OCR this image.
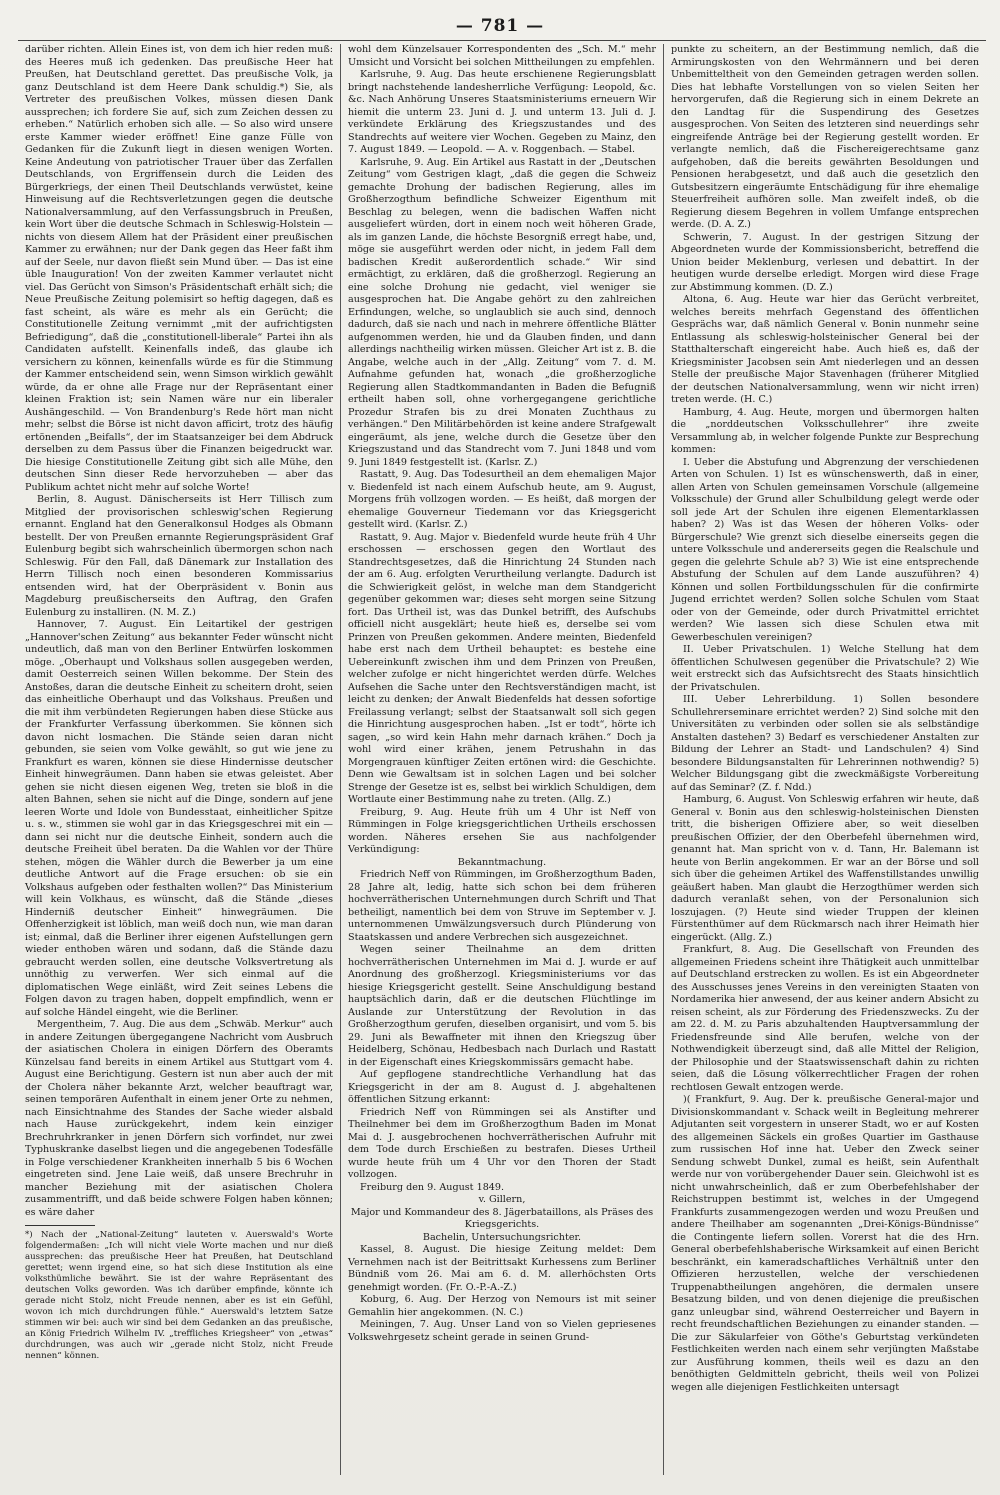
— 781 —

darüber richten. Allein Eines ist, von dem ich hier reden muß: des Heeres muß ich gedenken. Das preußische Heer hat Preußen, hat Deutschland gerettet. Das preußische Volk, ja ganz Deutschland ist dem Heere Dank schuldig.*) Sie, als Vertreter des preußischen Volkes, müssen diesen Dank aussprechen; ich fordere Sie auf, sich zum Zeichen dessen zu erheben.“ Natürlich erhoben sich alle. — So also wird unsere erste Kammer wieder eröffnet! Eine ganze Fülle von Gedanken für die Zukunft liegt in diesen wenigen Worten. Keine Andeutung von patriotischer Trauer über das Zerfallen Deutschlands, von Ergriffensein durch die Leiden des Bürgerkriegs, der einen Theil Deutschlands verwüstet, keine Hinweisung auf die Rechtsverletzungen gegen die deutsche Nationalversammlung, auf den Verfassungsbruch in Preußen, kein Wort über die deutsche Schmach in Schleswig-Holstein — nichts von diesem Allem hat der Präsident einer preußischen Kammer zu erwähnen; nur der Dank gegen das Heer faßt ihm auf der Seele, nur davon fließt sein Mund über. — Das ist eine üble Inauguration! Von der zweiten Kammer verlautet nicht viel. Das Gerücht von Simson's Präsidentschaft erhält sich; die Neue Preußische Zeitung polemisirt so heftig dagegen, daß es fast scheint, als wäre es mehr als ein Gerücht; die Constitutionelle Zeitung vernimmt „mit der aufrichtigsten Befriedigung“, daß die „constitutionell-liberale“ Partei ihn als Candidaten aufstellt. Keinenfalls indeß, das glaube ich versichern zu können, keinenfalls würde es für die Stimmung der Kammer entscheidend sein, wenn Simson wirklich gewählt würde, da er ohne alle Frage nur der Repräsentant einer kleinen Fraktion ist; sein Namen wäre nur ein liberaler Aushängeschild. — Von Brandenburg's Rede hört man nicht mehr; selbst die Börse ist nicht davon afficirt, trotz des häufig ertönenden „Beifalls“, der im Staatsanzeiger bei dem Abdruck derselben zu dem Passus über die Finanzen beigedruckt war. Die hiesige Constitutionelle Zeitung gibt sich alle Mühe, den deutschen Sinn dieser Rede hervorzuheben — aber das Publikum achtet nicht mehr auf solche Worte!

Berlin, 8. August. Dänischerseits ist Herr Tillisch zum Mitglied der provisorischen schleswig'schen Regierung ernannt. England hat den Generalkonsul Hodges als Obmann bestellt. Der von Preußen ernannte Regierungspräsident Graf Eulenburg begibt sich wahrscheinlich übermorgen schon nach Schleswig. Für den Fall, daß Dänemark zur Installation des Herrn Tillisch noch einen besonderen Kommissarius entsenden wird, hat der Oberpräsident v. Bonin aus Magdeburg preußischerseits den Auftrag, den Grafen Eulenburg zu installiren. (N. M. Z.)

Hannover, 7. August. Ein Leitartikel der gestrigen „Hannover'schen Zeitung“ aus bekannter Feder wünscht nicht undeutlich, daß man von den Berliner Entwürfen loskommen möge. „Oberhaupt und Volkshaus sollen ausgegeben werden, damit Oesterreich seinen Willen bekomme. Der Stein des Anstoßes, daran die deutsche Einheit zu scheitern droht, seien das einheitliche Oberhaupt und das Volkshaus. Preußen und die mit ihm verbündeten Regierungen haben diese Stücke aus der Frankfurter Verfassung überkommen. Sie können sich davon nicht losmachen. Die Stände seien daran nicht gebunden, sie seien vom Volke gewählt, so gut wie jene zu Frankfurt es waren, können sie diese Hindernisse deutscher Einheit hinwegräumen. Dann haben sie etwas geleistet. Aber gehen sie nicht diesen eigenen Weg, treten sie bloß in die alten Bahnen, sehen sie nicht auf die Dinge, sondern auf jene leeren Worte und Idole von Bundesstaat, einheitlicher Spitze u. s. w., stimmen sie wohl gar in das Kriegsgeschrei mit ein — dann sei nicht nur die deutsche Einheit, sondern auch die deutsche Freiheit übel beraten. Da die Wahlen vor der Thüre stehen, mögen die Wähler durch die Bewerber ja um eine deutliche Antwort auf die Frage ersuchen: ob sie ein Volkshaus aufgeben oder festhalten wollen?“ Das Ministerium will kein Volkhaus, es wünscht, daß die Stände „dieses Hinderniß deutscher Einheit“ hinwegräumen. Die Offenherzigkeit ist löblich, man weiß doch nun, wie man daran ist; einmal, daß die Berliner ihrer eigenen Aufstellungen gern wieder enthoben wären und sodann, daß die Stände dazu gebraucht werden sollen, eine deutsche Volksvertretung als unnöthig zu verwerfen. Wer sich einmal auf die diplomatischen Wege einläßt, wird Zeit seines Lebens die Folgen davon zu tragen haben, doppelt empfindlich, wenn er auf solche Händel eingeht, wie die Berliner.

Mergentheim, 7. Aug. Die aus dem „Schwäb. Merkur“ auch in andere Zeitungen übergegangene Nachricht vom Ausbruch der asiatischen Cholera in einigen Dörfern des Oberamts Künzelsau fand bereits in einem Artikel aus Stuttgart vom 4. August eine Berichtigung. Gestern ist nun aber auch der mit der Cholera näher bekannte Arzt, welcher beauftragt war, seinen temporären Aufenthalt in einem jener Orte zu nehmen, nach Einsichtnahme des Standes der Sache wieder alsbald nach Hause zurückgekehrt, indem kein einziger Brechruhrkranker in jenen Dörfern sich vorfindet, nur zwei Typhuskranke daselbst liegen und die angegebenen Todesfälle in Folge verschiedener Krankheiten innerhalb 5 bis 6 Wochen eingetreten sind. Jene Laie weiß, daß unsere Brechruhr in mancher Beziehung mit der asiatischen Cholera zusammentrifft, und daß beide schwere Folgen haben können; es wäre daher

*) Nach der „National-Zeitung“ lauteten v. Auerswald's Worte folgendermaßen: „Ich will nicht viele Worte machen und nur dieß aussprechen: das preußische Heer hat Preußen, hat Deutschland gerettet; wenn irgend eine, so hat sich diese Institution als eine volksthümliche bewährt. Sie ist der wahre Repräsentant des deutschen Volks geworden. Was ich darüber empfinde, könnte ich gerade nicht Stolz, nicht Freude nennen, aber es ist ein Gefühl, wovon ich mich durchdrungen fühle.“ Auerswald's letztem Satze stimmen wir bei: auch wir sind bei dem Gedanken an das preußische, an König Friedrich Wilhelm IV. „treffliches Kriegsheer“ von „etwas“ durchdrungen, was auch wir „gerade nicht Stolz, nicht Freude nennen“ können.

wohl dem Künzelsauer Korrespondenten des „Sch. M.“ mehr Umsicht und Vorsicht bei solchen Mittheilungen zu empfehlen.

Karlsruhe, 9. Aug. Das heute erschienene Regierungsblatt bringt nachstehende landesherrliche Verfügung: Leopold, &c. &c. Nach Anhörung Unseres Staatsministeriums erneuern Wir hiemit die unterm 23. Juni d. J. und unterm 13. Juli d. J. verkündete Erklärung des Kriegszustandes und des Standrechts auf weitere vier Wochen. Gegeben zu Mainz, den 7. August 1849. — Leopold. — A. v. Roggenbach. — Stabel.

Karlsruhe, 9. Aug. Ein Artikel aus Rastatt in der „Deutschen Zeitung“ vom Gestrigen klagt, „daß die gegen die Schweiz gemachte Drohung der badischen Regierung, alles im Großherzogthum befindliche Schweizer Eigenthum mit Beschlag zu belegen, wenn die badischen Waffen nicht ausgeliefert würden, dort in einem noch weit höheren Grade, als im ganzen Lande, die höchste Besorgniß erregt habe, und, möge sie ausgeführt werden oder nicht, in jedem Fall dem badischen Kredit außerordentlich schade.“ Wir sind ermächtigt, zu erklären, daß die großherzogl. Regierung an eine solche Drohung nie gedacht, viel weniger sie ausgesprochen hat. Die Angabe gehört zu den zahlreichen Erfindungen, welche, so unglaublich sie auch sind, dennoch dadurch, daß sie nach und nach in mehrere öffentliche Blätter aufgenommen werden, hie und da Glauben finden, und dann allerdings nachtheilig wirken müssen. Gleicher Art ist z. B. die Angabe, welche auch in der „Allg. Zeitung“ vom 7. d. M. Aufnahme gefunden hat, wonach „die großherzogliche Regierung allen Stadtkommandanten in Baden die Befugniß ertheilt haben soll, ohne vorhergegangene gerichtliche Prozedur Strafen bis zu drei Monaten Zuchthaus zu verhängen.“ Den Militärbehörden ist keine andere Strafgewalt eingeräumt, als jene, welche durch die Gesetze über den Kriegszustand und das Standrecht vom 7. Juni 1848 und vom 9. Juni 1849 festgestellt ist. (Karlsr. Z.)

Rastatt, 9. Aug. Das Todesurtheil an dem ehemaligen Major v. Biedenfeld ist nach einem Aufschub heute, am 9. August, Morgens früh vollzogen worden. — Es heißt, daß morgen der ehemalige Gouverneur Tiedemann vor das Kriegsgericht gestellt wird. (Karlsr. Z.)

Rastatt, 9. Aug. Major v. Biedenfeld wurde heute früh 4 Uhr erschossen — erschossen gegen den Wortlaut des Standrechtsgesetzes, daß die Hinrichtung 24 Stunden nach der am 6. Aug. erfolgten Verurtheilung verlangte. Dadurch ist die Schwierigkeit gelöst, in welche man dem Standgericht gegenüber gekommen war; dieses seht morgen seine Sitzung fort. Das Urtheil ist, was das Dunkel betrifft, des Aufschubs officiell nicht ausgeklärt; heute hieß es, derselbe sei vom Prinzen von Preußen gekommen. Andere meinten, Biedenfeld habe erst nach dem Urtheil behauptet: es bestehe eine Uebereinkunft zwischen ihm und dem Prinzen von Preußen, welcher zufolge er nicht hingerichtet werden dürfe. Welches Aufsehen die Sache unter den Rechtsverständigen macht, ist leicht zu denken; der Anwalt Biedenfelds hat dessen sofortige Freilassung verlangt; selbst der Staatsanwalt soll sich gegen die Hinrichtung ausgesprochen haben. „Ist er todt“, hörte ich sagen, „so wird kein Hahn mehr darnach krähen.“ Doch ja wohl wird einer krähen, jenem Petrushahn in das Morgengrauen künftiger Zeiten ertönen wird: die Geschichte. Denn wie Gewaltsam ist in solchen Lagen und bei solcher Strenge der Gesetze ist es, selbst bei wirklich Schuldigen, dem Wortlaute einer Bestimmung nahe zu treten. (Allg. Z.)

Freiburg, 9. Aug. Heute früh um 4 Uhr ist Neff von Rümmingen in Folge kriegsgerichtlichen Urtheils erschossen worden. Näheres ersehen Sie aus nachfolgender Verkündigung:

Bekanntmachung.

Friedrich Neff von Rümmingen, im Großherzogthum Baden, 28 Jahre alt, ledig, hatte sich schon bei dem früheren hochverrätherischen Unternehmungen durch Schrift und That betheiligt, namentlich bei dem von Struve im September v. J. unternommenen Umwälzungsversuch durch Plünderung von Staatskassen und andere Verbrechen sich ausgezeichnet.

Wegen seiner Theilnahme an dem dritten hochverrätherischen Unternehmen im Mai d. J. wurde er auf Anordnung des großherzogl. Kriegsministeriums vor das hiesige Kriegsgericht gestellt. Seine Anschuldigung bestand hauptsächlich darin, daß er die deutschen Flüchtlinge im Auslande zur Unterstützung der Revolution in das Großherzogthum gerufen, dieselben organisirt, und vom 5. bis 29. Juni als Bewaffneter mit ihnen den Kriegszug über Heidelberg, Schönau, Hedbesbach nach Durlach und Rastatt in der Eigenschaft eines Kriegskommissärs gemacht habe.

Auf gepflogene standrechtliche Verhandlung hat das Kriegsgericht in der am 8. August d. J. abgehaltenen öffentlichen Sitzung erkannt:

Friedrich Neff von Rümmingen sei als Anstifter und Theilnehmer bei dem im Großherzogthum Baden im Monat Mai d. J. ausgebrochenen hochverrätherischen Aufruhr mit dem Tode durch Erschießen zu bestrafen. Dieses Urtheil wurde heute früh um 4 Uhr vor den Thoren der Stadt vollzogen.

Freiburg den 9. August 1849.

v. Gillern,
Major und Kommandeur des 8. Jägerbataillons, als Präses des Kriegsgerichts.
Bachelin, Untersuchungsrichter.

Kassel, 8. August. Die hiesige Zeitung meldet: Dem Vernehmen nach ist der Beitrittsakt Kurhessens zum Berliner Bündniß vom 26. Mai am 6. d. M. allerhöchsten Orts genehmigt worden. (Fr. O.-P.-A.-Z.)

Koburg, 6. Aug. Der Herzog von Nemours ist mit seiner Gemahlin hier angekommen. (N. C.)

Meiningen, 7. Aug. Unser Land von so Vielen gepriesenes Volkswehrgesetz scheint gerade in seinen Grund-

punkte zu scheitern, an der Bestimmung nemlich, daß die Armirungskosten von den Wehrmännern und bei deren Unbemitteltheit von den Gemeinden getragen werden sollen. Dies hat lebhafte Vorstellungen von so vielen Seiten her hervorgerufen, daß die Regierung sich in einem Dekrete an den Landtag für die Suspendirung des Gesetzes ausgesprochen. Von Seiten des letzteren sind neuerdings sehr eingreifende Anträge bei der Regierung gestellt worden. Er verlangte nemlich, daß die Fischereigerechtsame ganz aufgehoben, daß die bereits gewährten Besoldungen und Pensionen herabgesetzt, und daß auch die gesetzlich den Gutsbesitzern eingeräumte Entschädigung für ihre ehemalige Steuerfreiheit aufhören solle. Man zweifelt indeß, ob die Regierung diesem Begehren in vollem Umfange entsprechen werde. (D. A. Z.)

Schwerin, 7. August. In der gestrigen Sitzung der Abgeordneten wurde der Kommissionsbericht, betreffend die Union beider Meklenburg, verlesen und debattirt. In der heutigen wurde derselbe erledigt. Morgen wird diese Frage zur Abstimmung kommen. (D. Z.)

Altona, 6. Aug. Heute war hier das Gerücht verbreitet, welches bereits mehrfach Gegenstand des öffentlichen Gesprächs war, daß nämlich General v. Bonin nunmehr seine Entlassung als schleswig-holsteinischer General bei der Statthalterschaft eingereicht habe. Auch hieß es, daß der Kriegsminister Jacobsen sein Amt niederlegen und an dessen Stelle der preußische Major Stavenhagen (früherer Mitglied der deutschen Nationalversammlung, wenn wir nicht irren) treten werde. (H. C.)

Hamburg, 4. Aug. Heute, morgen und übermorgen halten die „norddeutschen Volksschullehrer“ ihre zweite Versammlung ab, in welcher folgende Punkte zur Besprechung kommen:

I. Ueber die Abstufung und Abgrenzung der verschiedenen Arten von Schulen. 1) Ist es wünschenswerth, daß in einer, allen Arten von Schulen gemeinsamen Vorschule (allgemeine Volksschule) der Grund aller Schulbildung gelegt werde oder soll jede Art der Schulen ihre eigenen Elementarklassen haben? 2) Was ist das Wesen der höheren Volks- oder Bürgerschule? Wie grenzt sich dieselbe einerseits gegen die untere Volksschule und andererseits gegen die Realschule und gegen die gelehrte Schule ab? 3) Wie ist eine entsprechende Abstufung der Schulen auf dem Lande auszuführen? 4) Können und sollen Fortbildungsschulen für die confirmirte Jugend errichtet werden? Sollen solche Schulen vom Staat oder von der Gemeinde, oder durch Privatmittel errichtet werden? Wie lassen sich diese Schulen etwa mit Gewerbeschulen vereinigen?

II. Ueber Privatschulen. 1) Welche Stellung hat dem öffentlichen Schulwesen gegenüber die Privatschule? 2) Wie weit erstreckt sich das Aufsichtsrecht des Staats hinsichtlich der Privatschulen.

III. Ueber Lehrerbildung. 1) Sollen besondere Schullehrerseminare errichtet werden? 2) Sind solche mit den Universitäten zu verbinden oder sollen sie als selbständige Anstalten dastehen? 3) Bedarf es verschiedener Anstalten zur Bildung der Lehrer an Stadt- und Landschulen? 4) Sind besondere Bildungsanstalten für Lehrerinnen nothwendig? 5) Welcher Bildungsgang gibt die zweckmäßigste Vorbereitung auf das Seminar? (Z. f. Ndd.)

Hamburg, 6. August. Von Schleswig erfahren wir heute, daß General v. Bonin aus den schleswig-holsteinischen Diensten tritt, die bisherigen Offiziere aber, so weit dieselben preußischen Offizier, der den Oberbefehl übernehmen wird, genannt hat. Man spricht von v. d. Tann, Hr. Balemann ist heute von Berlin angekommen. Er war an der Börse und soll sich über die geheimen Artikel des Waffenstillstandes unwillig geäußert haben. Man glaubt die Herzogthümer werden sich dadurch veranlaßt sehen, von der Personalunion sich loszujagen. (?) Heute sind wieder Truppen der kleinen Fürstenthümer auf dem Rückmarsch nach ihrer Heimath hier eingerückt. (Allg. Z.)

Frankfurt, 8. Aug. Die Gesellschaft von Freunden des allgemeinen Friedens scheint ihre Thätigkeit auch unmittelbar auf Deutschland erstrecken zu wollen. Es ist ein Abgeordneter des Ausschusses jenes Vereins in den vereinigten Staaten von Nordamerika hier anwesend, der aus keiner andern Absicht zu reisen scheint, als zur Förderung des Friedenszwecks. Zu der am 22. d. M. zu Paris abzuhaltenden Hauptversammlung der Friedensfreunde sind Alle berufen, welche von der Nothwendigkeit überzeugt sind, daß alle Mittel der Religion, der Philosophie und der Staatswissenschaft dahin zu richten seien, daß die Lösung völkerrechtlicher Fragen der rohen rechtlosen Gewalt entzogen werde.

)( Frankfurt, 9. Aug. Der k. preußische General-major und Divisionskommandant v. Schack weilt in Begleitung mehrerer Adjutanten seit vorgestern in unserer Stadt, wo er auf Kosten des allgemeinen Säckels ein großes Quartier im Gasthause zum russischen Hof inne hat. Ueber den Zweck seiner Sendung schwebt Dunkel, zumal es heißt, sein Aufenthalt werde nur von vorübergehender Dauer sein. Gleichwohl ist es nicht unwahrscheinlich, daß er zum Oberbefehlshaber der Reichstruppen bestimmt ist, welches in der Umgegend Frankfurts zusammengezogen werden und wozu Preußen und andere Theilhaber am sogenannten „Drei-Königs-Bündnisse“ die Contingente liefern sollen. Vorerst hat die des Hrn. General oberbefehlshaberische Wirksamkeit auf einen Bericht beschränkt, ein kameradschaftliches Verhältniß unter den Offizieren herzustellen, welche der verschiedenen Truppenabtheilungen angehören, die dermalen unsere Besatzung bilden, und von denen diejenige die preußischen ganz unleugbar sind, während Oesterreicher und Bayern in recht freundschaftlichen Beziehungen zu einander standen. — Die zur Säkularfeier von Göthe's Geburtstag verkündeten Festlichkeiten werden nach einem sehr verjüngten Maßstabe zur Ausführung kommen, theils weil es dazu an den benöthigten Geldmitteln gebricht, theils weil von Polizei wegen alle diejenigen Festlichkeiten untersagt
